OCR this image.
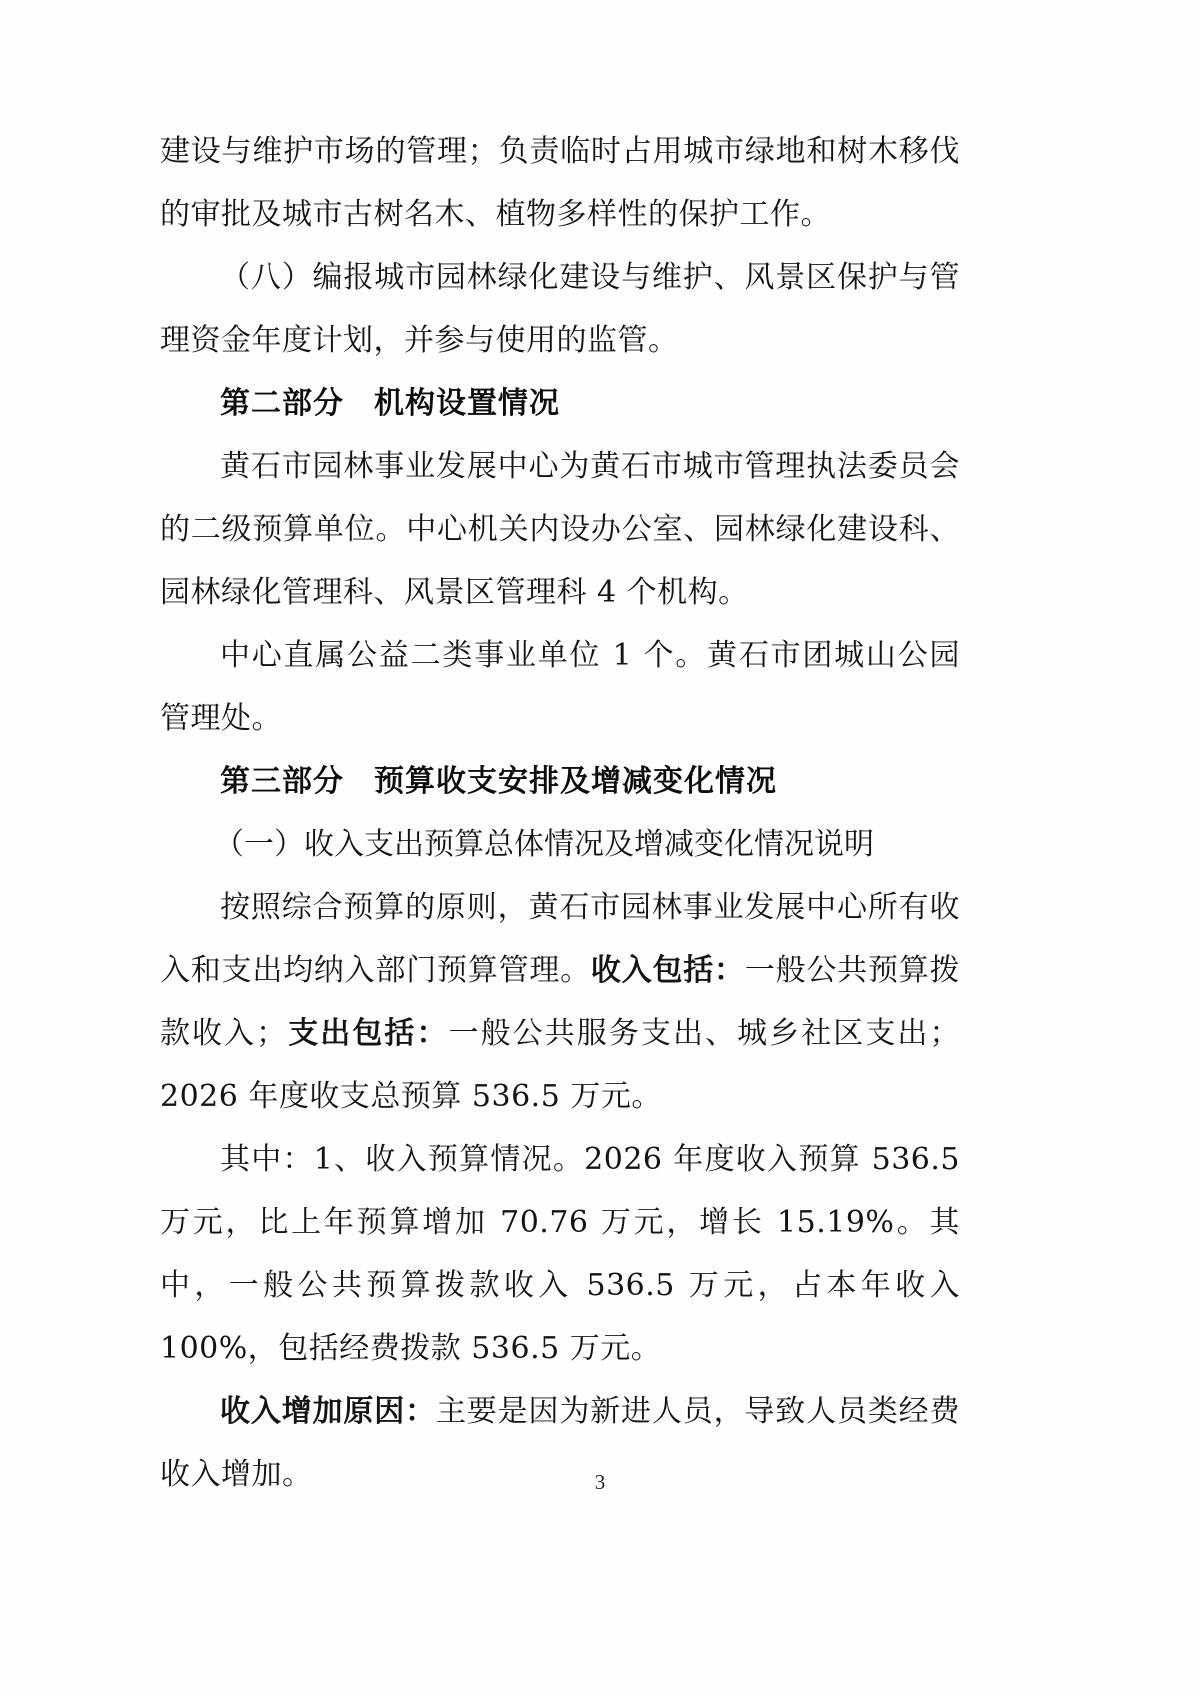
建设与维护市场的管理；负责临时占用城市绿地和树木移伐的审批及城市古树名木、植物多样性的保护工作。

（八）编报城市园林绿化建设与维护、风景区保护与管理资金年度计划，并参与使用的监管。

第二部分 机构设置情况

黄石市园林事业发展中心为黄石市城市管理执法委员会的二级预算单位。中心机关内设办公室、园林绿化建设科、园林绿化管理科、风景区管理科 4 个机构。

中心直属公益二类事业单位 1 个。黄石市团城山公园管理处。

第三部分 预算收支安排及增减变化情况

（一）收入支出预算总体情况及增减变化情况说明

按照综合预算的原则，黄石市园林事业发展中心所有收入和支出均纳入部门预算管理。收入包括：一般公共预算拨款收入；支出包括：一般公共服务支出、城乡社区支出；2026 年度收支总预算 536.5 万元。

其中：1、收入预算情况。2026 年度收入预算 536.5 万元，比上年预算增加 70.76 万元，增长 15.19%。其中，一般公共预算拨款收入 536.5 万元，占本年收入 100%，包括经费拨款 536.5 万元。

收入增加原因：主要是因为新进人员，导致人员类经费收入增加。	3
